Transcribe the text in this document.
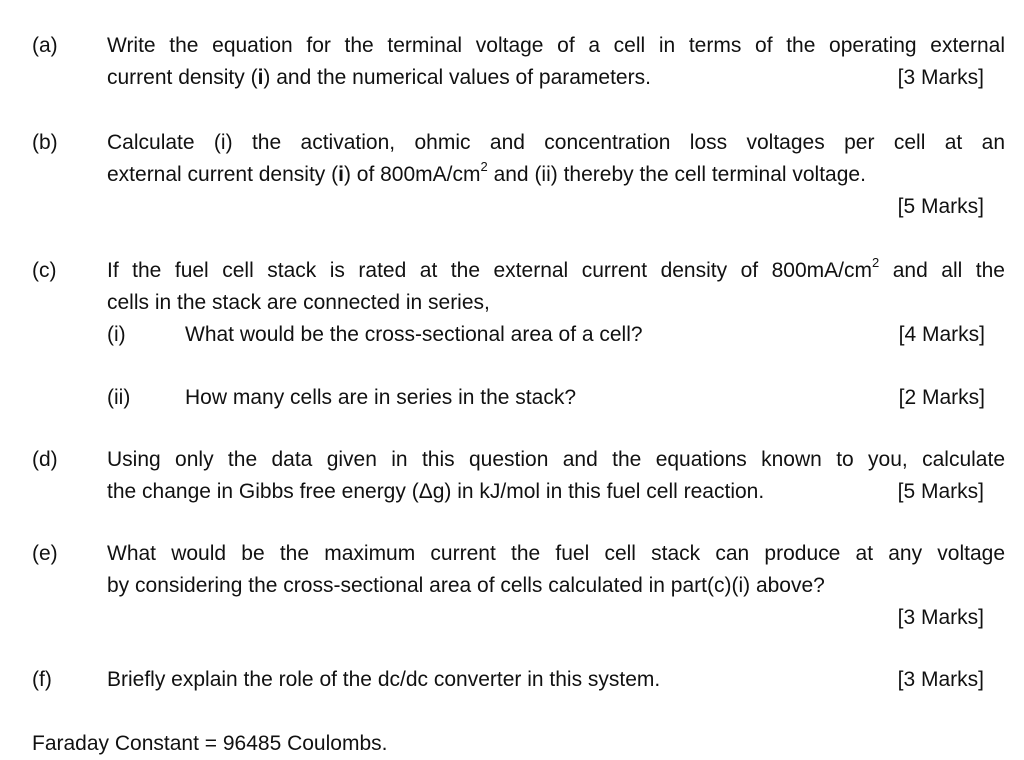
(a) Write the equation for the terminal voltage of a cell in terms of the operating external
current density (i) and the numerical values of parameters.	[3 Marks]
(b) Calculate (i) the activation, ohmic and concentration loss voltages per cell at an
external current density (i) of $800mA/cm^2$ and (ii) thereby the cell terminal voltage.
[5 Marks]
(c) If the fuel cell stack is rated at the external current density of $800mA/cm^2$ and all the
cells in the stack are connected in series,
(i)	What would be the cross-sectional area of a cell?	[4 Marks]
(ii)	How many cells are in series in the stack?	[2 Marks]
(d) Using only the data given in this question and the equations known to you, calculate
the change in Gibbs free energy (Δg) in kJ/mol in this fuel cell reaction.	[5 Marks]
(e) What would be the maximum current the fuel cell stack can produce at any voltage
by considering the cross-sectional area of cells calculated in part(c)(i) above?
[3 Marks]
(f)	Briefly explain the role of the dc/dc converter in this system.	[3 Marks]
Faraday Constant = 96485 Coulombs.
